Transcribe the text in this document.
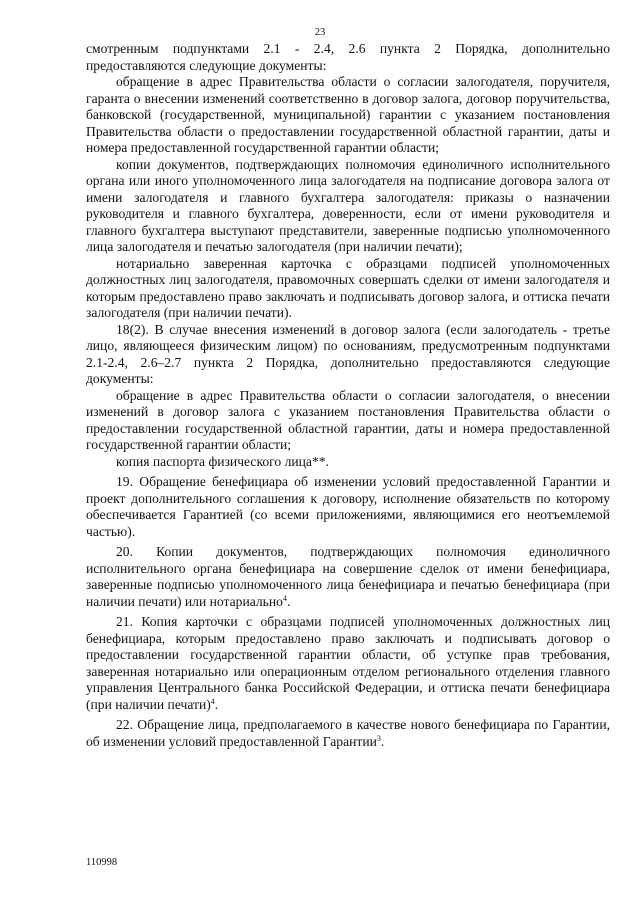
23

смотренным подпунктами 2.1 - 2.4, 2.6 пункта 2 Порядка, дополнительно предоставляются следующие документы:

обращение в адрес Правительства области о согласии залогодателя, поручителя, гаранта о внесении изменений соответственно в договор залога, договор поручительства, банковской (государственной, муниципальной) гарантии с указанием постановления Правительства области о предоставлении государственной областной гарантии, даты и номера предоставленной государственной гарантии области;

копии документов, подтверждающих полномочия единоличного исполнительного органа или иного уполномоченного лица залогодателя на подписание договора залога от имени залогодателя и главного бухгалтера залогодателя: приказы о назначении руководителя и главного бухгалтера, доверенности, если от имени руководителя и главного бухгалтера выступают представители, заверенные подписью уполномоченного лица залогодателя и печатью залогодателя (при наличии печати);

нотариально заверенная карточка с образцами подписей уполномоченных должностных лиц залогодателя, правомочных совершать сделки от имени залогодателя и которым предоставлено право заключать и подписывать договор залога, и оттиска печати залогодателя (при наличии печати).

18(2). В случае внесения изменений в договор залога (если залогодатель - третье лицо, являющееся физическим лицом) по основаниям, предусмотренным подпунктами 2.1-2.4, 2.6–2.7 пункта 2 Порядка, дополнительно предоставляются следующие документы:

обращение в адрес Правительства области о согласии залогодателя, о внесении изменений в договор залога с указанием постановления Правительства области о предоставлении государственной областной гарантии, даты и номера предоставленной государственной гарантии области;

копия паспорта физического лица**.

19. Обращение бенефициара об изменении условий предоставленной Гарантии и проект дополнительного соглашения к договору, исполнение обязательств по которому обеспечивается Гарантией (со всеми приложениями, являющимися его неотъемлемой частью).

20. Копии документов, подтверждающих полномочия единоличного исполнительного органа бенефициара на совершение сделок от имени бенефициара, заверенные подписью уполномоченного лица бенефициара и печатью бенефициара (при наличии печати) или нотариально$^4$.

21. Копия карточки с образцами подписей уполномоченных должностных лиц бенефициара, которым предоставлено право заключать и подписывать договор о предоставлении государственной гарантии области, об уступке прав требования, заверенная нотариально или операционным отделом регионального отделения главного управления Центрального банка Российской Федерации, и оттиска печати бенефициара (при наличии печати)$^4$.

22. Обращение лица, предполагаемого в качестве нового бенефициара по Гарантии, об изменении условий предоставленной Гарантии$^3$.

110998
